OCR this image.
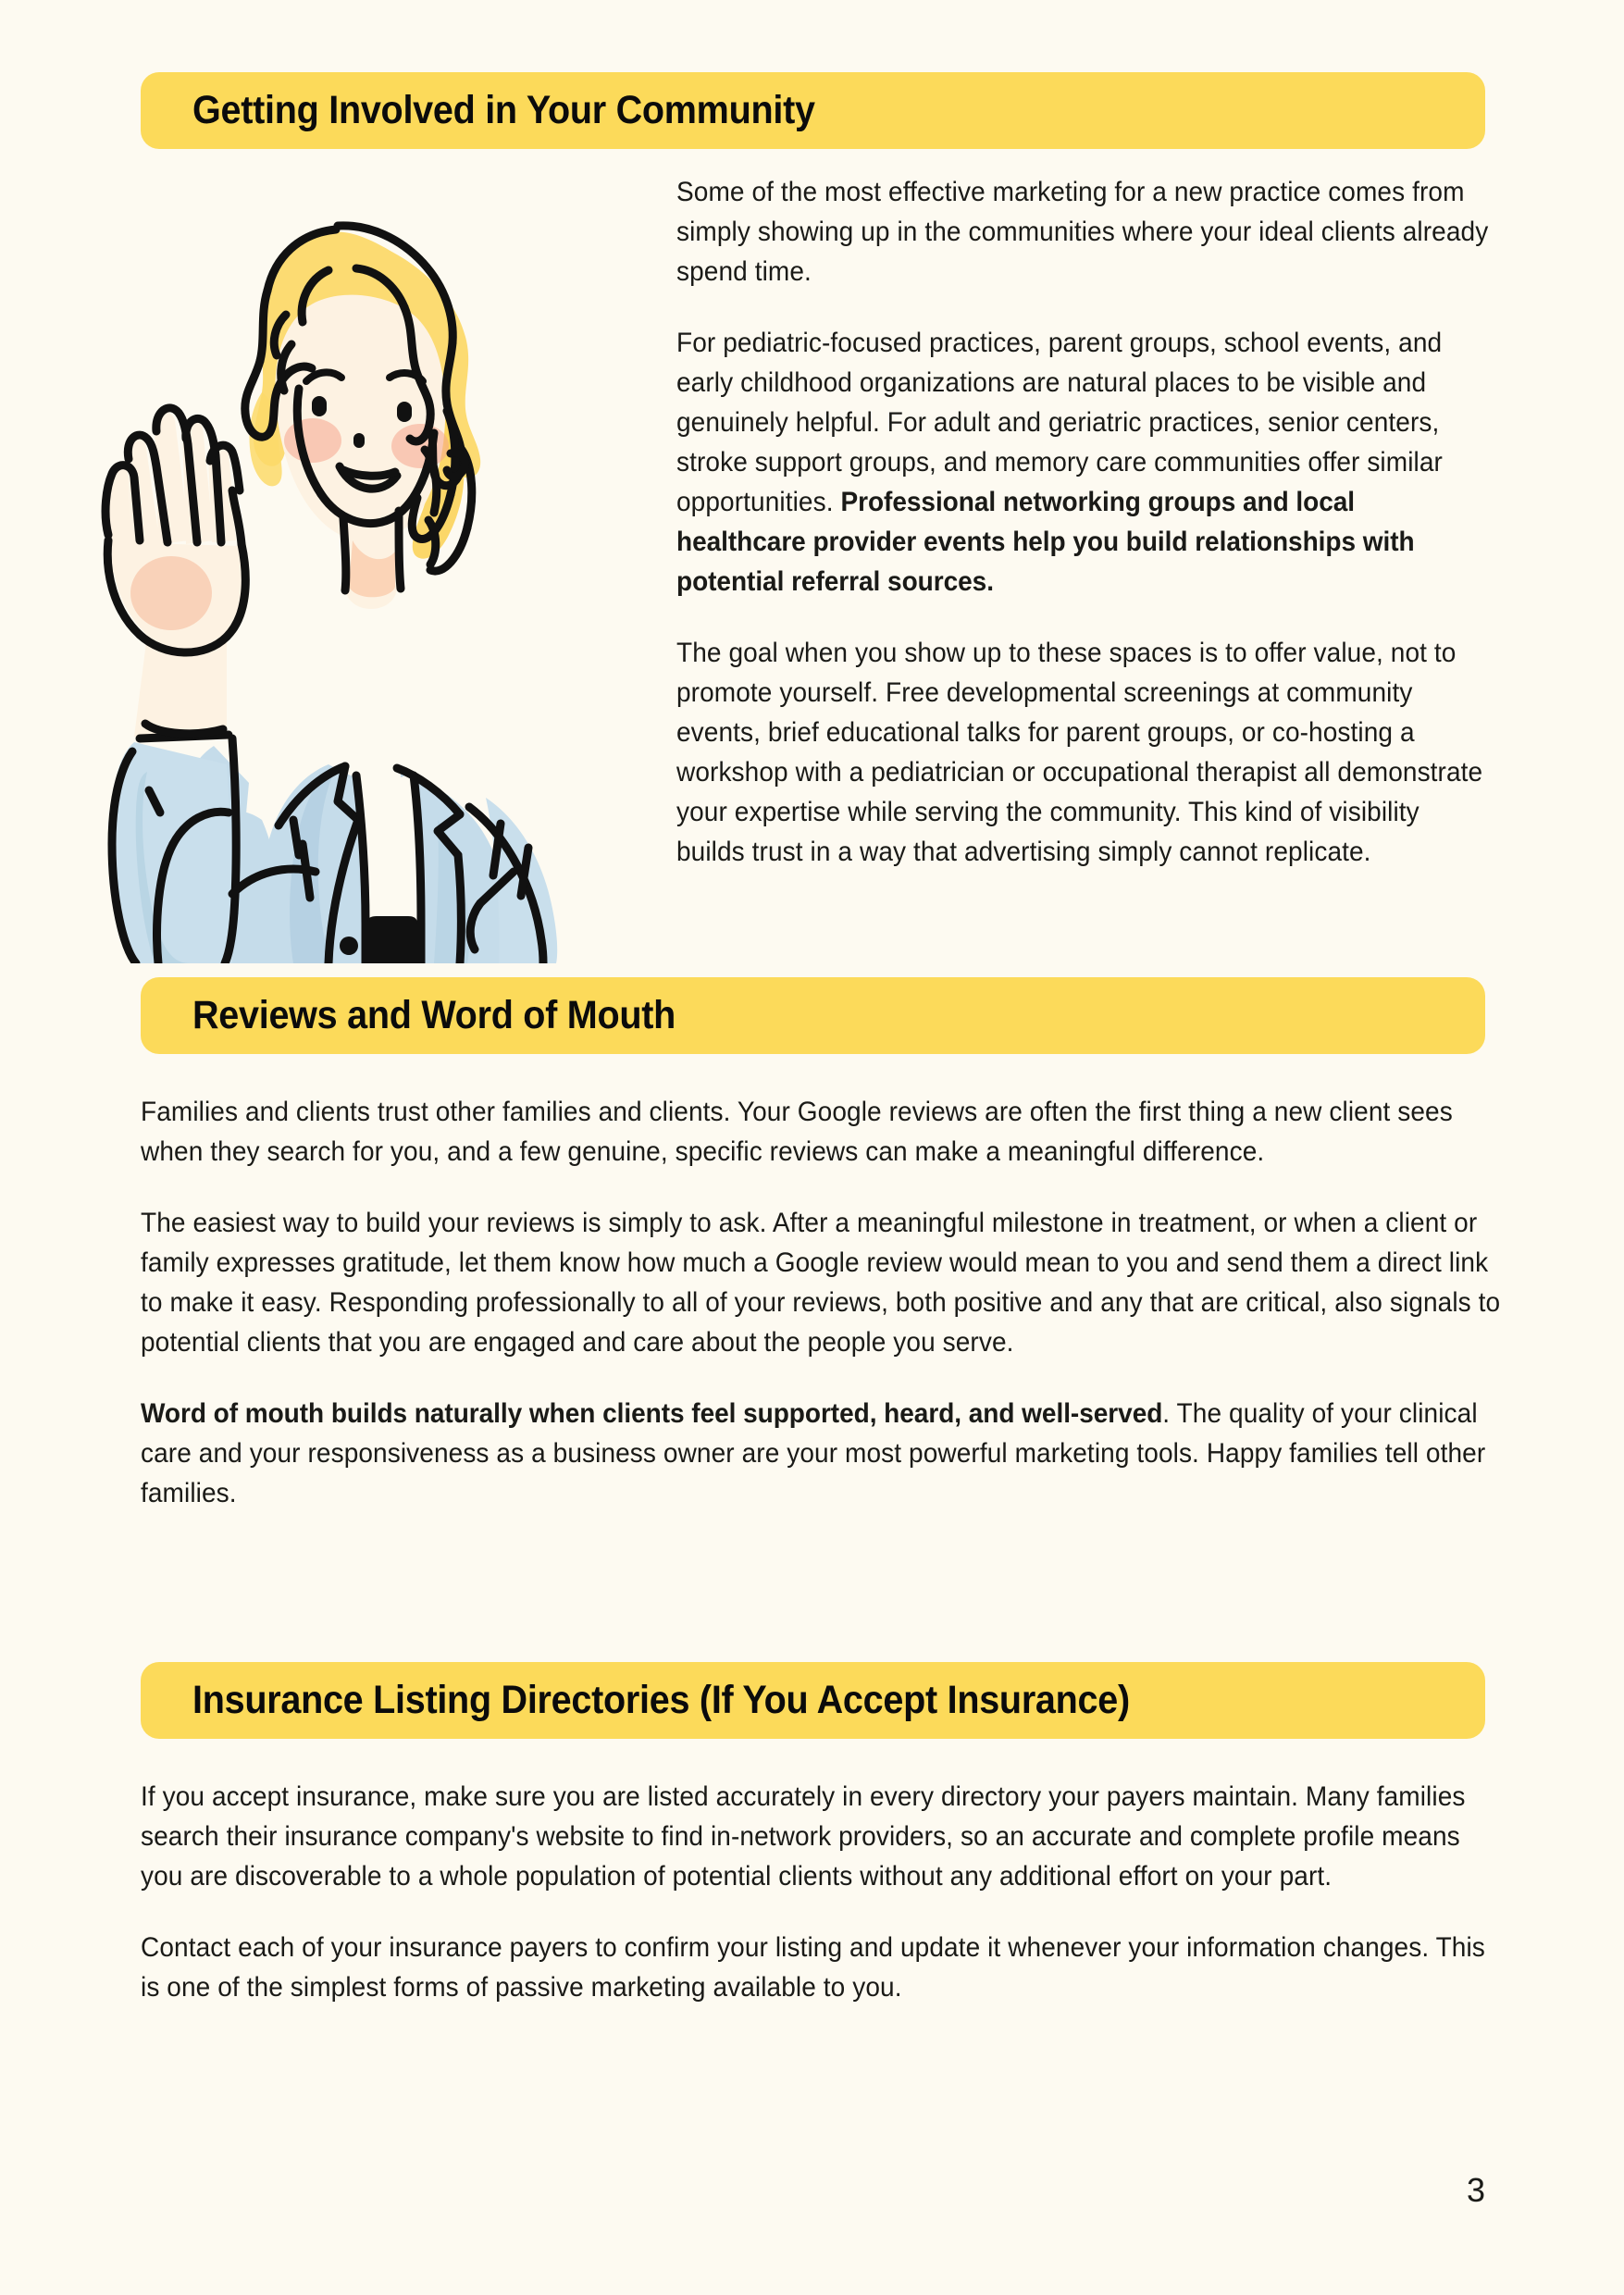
Getting Involved in Your Community

Some of the most effective marketing for a new practice comes from simply showing up in the communities where your ideal clients already spend time.

For pediatric-focused practices, parent groups, school events, and early childhood organizations are natural places to be visible and genuinely helpful. For adult and geriatric practices, senior centers, stroke support groups, and memory care communities offer similar opportunities. Professional networking groups and local healthcare provider events help you build relationships with potential referral sources.

The goal when you show up to these spaces is to offer value, not to promote yourself. Free developmental screenings at community events, brief educational talks for parent groups, or co-hosting a workshop with a pediatrician or occupational therapist all demonstrate your expertise while serving the community. This kind of visibility builds trust in a way that advertising simply cannot replicate.

Reviews and Word of Mouth

Families and clients trust other families and clients. Your Google reviews are often the first thing a new client sees when they search for you, and a few genuine, specific reviews can make a meaningful difference.

The easiest way to build your reviews is simply to ask. After a meaningful milestone in treatment, or when a client or family expresses gratitude, let them know how much a Google review would mean to you and send them a direct link to make it easy. Responding professionally to all of your reviews, both positive and any that are critical, also signals to potential clients that you are engaged and care about the people you serve.

Word of mouth builds naturally when clients feel supported, heard, and well-served. The quality of your clinical care and your responsiveness as a business owner are your most powerful marketing tools. Happy families tell other families.

Insurance Listing Directories (If You Accept Insurance)

If you accept insurance, make sure you are listed accurately in every directory your payers maintain. Many families search their insurance company's website to find in-network providers, so an accurate and complete profile means you are discoverable to a whole population of potential clients without any additional effort on your part.

Contact each of your insurance payers to confirm your listing and update it whenever your information changes. This is one of the simplest forms of passive marketing available to you.

3
